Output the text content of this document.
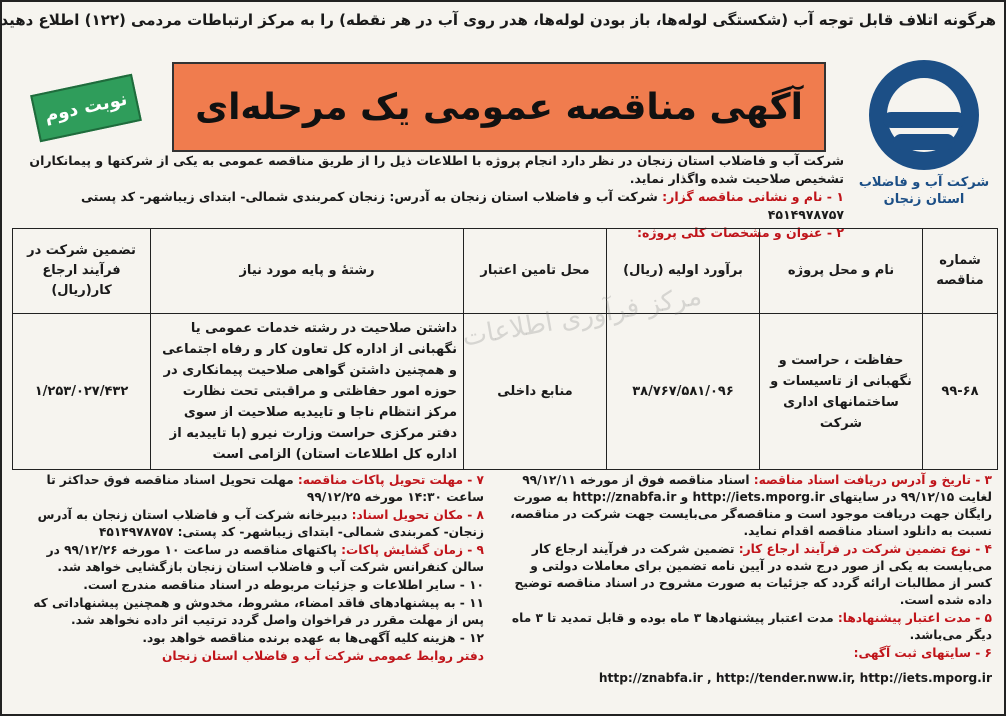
هرگونه اتلاف قابل توجه آب (شکستگی لوله‌ها، باز بودن لوله‌ها، هدر روی آب در هر نقطه) را به مرکز ارتباطات مردمی (۱۲۲) اطلاع دهید
شرکت آب و فاضلاب
استان زنجان
آگهی مناقصه عمومی یک مرحله‌ای
نوبت دوم
شرکت آب و فاضلاب استان زنجان در نظر دارد انجام پروژه با اطلاعات ذیل را از طریق مناقصه عمومی به یکی از شرکتها و پیمانکاران تشخیص صلاحیت شده واگذار نماید.
۱ - نام و نشانی مناقصه گزار: شرکت آب و فاضلاب استان زنجان به آدرس: زنجان کمربندی شمالی- ابتدای زیباشهر- کد پستی ۴۵۱۴۹۷۸۷۵۷
۲ - عنوان و مشخصات کلی پروژه:
شماره مناقصه	نام و محل پروژه	برآورد اولیه (ریال)	محل تامین اعتبار	رشتهٔ و پایه مورد نیاز	تضمین شرکت در فرآیند ارجاع کار(ریال)
۹۹-۶۸	حفاظت ، حراست و نگهبانی از تاسیسات و ساختمانهای اداری شرکت	۳۸/۷۶۷/۵۸۱/۰۹۶	منابع داخلی	داشتن صلاحیت در رشته خدمات عمومی یا نگهبانی از اداره کل تعاون کار و رفاه اجتماعی و همچنین داشتن گواهی صلاحیت پیمانکاری در حوزه امور حفاظتی و مراقبتی تحت نظارت مرکز انتظام ناجا و تاییدیه صلاحیت از سوی دفتر مرکزی حراست وزارت نیرو (با تاییدیه از اداره کل اطلاعات استان) الزامی است	۱/۲۵۳/۰۲۷/۴۳۲
مرکز فرآوری اطلاعات

۳ - تاریخ و آدرس دریافت اسناد مناقصه: اسناد مناقصه فوق از مورخه ۹۹/۱۲/۱۱ لغایت ۹۹/۱۲/۱۵ در سایتهای http://iets.mporg.ir و http://znabfa.ir به صورت رایگان جهت دریافت موجود است و مناقصه‌گر می‌بایست جهت شرکت در مناقصه، نسبت به دانلود اسناد مناقصه اقدام نماید.

۴ - نوع تضمین شرکت در فرآیند ارجاع کار: تضمین شرکت در فرآیند ارجاع کار می‌بایست به یکی از صور درج شده در آیین نامه تضمین برای معاملات دولتی و کسر از مطالبات ارائه گردد که جزئیات به صورت مشروح در اسناد مناقصه توضیح داده شده است.

۵ - مدت اعتبار پیشنهادها: مدت اعتبار پیشنهادها ۳ ماه بوده و قابل تمدید تا ۳ ماه دیگر می‌باشد.

۶ - سایتهای ثبت آگهی:

http://znabfa.ir , http://tender.nww.ir, http://iets.mporg.ir

۷ - مهلت تحویل پاکات مناقصه: مهلت تحویل اسناد مناقصه فوق حداکثر تا ساعت ۱۴:۳۰ مورخه ۹۹/۱۲/۲۵

۸ - مکان تحویل اسناد: دبیرخانه شرکت آب و فاضلاب استان زنجان به آدرس زنجان- کمربندی شمالی- ابتدای زیباشهر- کد پستی: ۴۵۱۴۹۷۸۷۵۷

۹ - زمان گشایش پاکات: پاکتهای مناقصه در ساعت ۱۰ مورخه ۹۹/۱۲/۲۶ در سالن کنفرانس شرکت آب و فاضلاب استان زنجان بازگشایی خواهد شد.

۱۰ - سایر اطلاعات و جزئیات مربوطه در اسناد مناقصه مندرج است.

۱۱ - به پیشنهادهای فاقد امضاء، مشروط، مخدوش و همچنین پیشنهاداتی که پس از مهلت مقرر در فراخوان واصل گردد ترتیب اثر داده نخواهد شد.

۱۲ - هزینه کلیه آگهی‌ها به عهده برنده مناقصه خواهد بود.

دفتر روابط عمومی شرکت آب و فاضلاب استان زنجان
